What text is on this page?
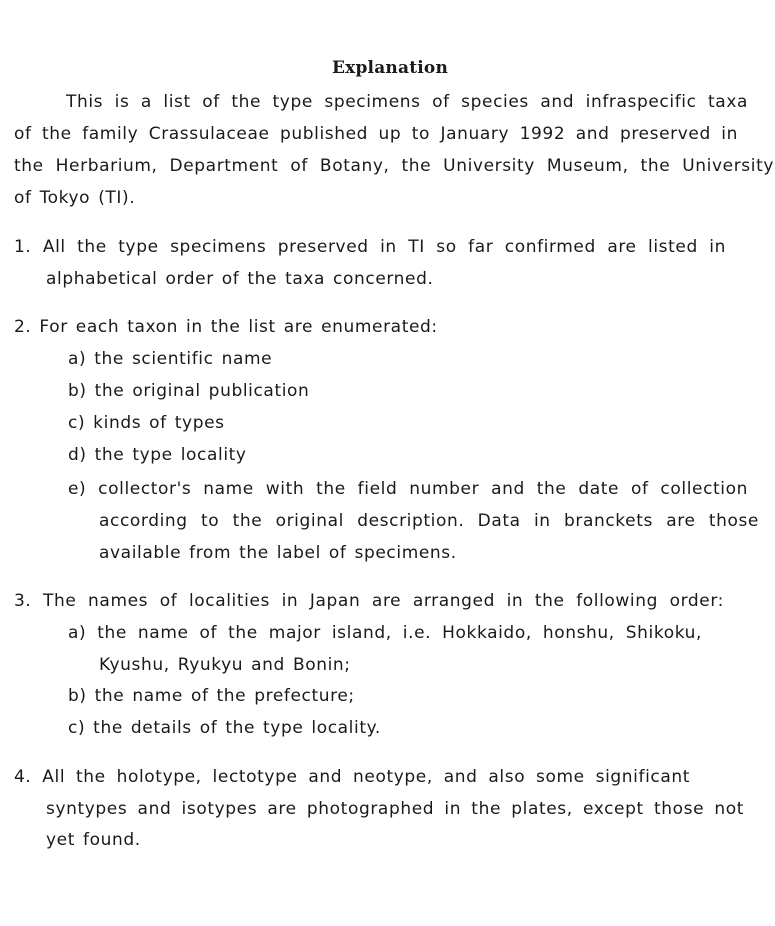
Explanation
This is a list of the type specimens of species and infraspecific taxa
of the family Crassulaceae published up to January 1992 and preserved in
the Herbarium, Department of Botany, the University Museum, the University
of Tokyo (TI).
1. All the type specimens preserved in TI so far confirmed are listed in
alphabetical order of the taxa concerned.
2. For each taxon in the list are enumerated:
a) the scientific name
b) the original publication
c) kinds of types
d) the type locality
e) collector's name with the field number and the date of collection
according to the original description. Data in branckets are those
available from the label of specimens.
3. The names of localities in Japan are arranged in the following order:
a) the name of the major island, i.e. Hokkaido, honshu, Shikoku,
Kyushu, Ryukyu and Bonin;
b) the name of the prefecture;
c) the details of the type locality.
4. All the holotype, lectotype and neotype, and also some significant
syntypes and isotypes are photographed in the plates, except those not
yet found.
